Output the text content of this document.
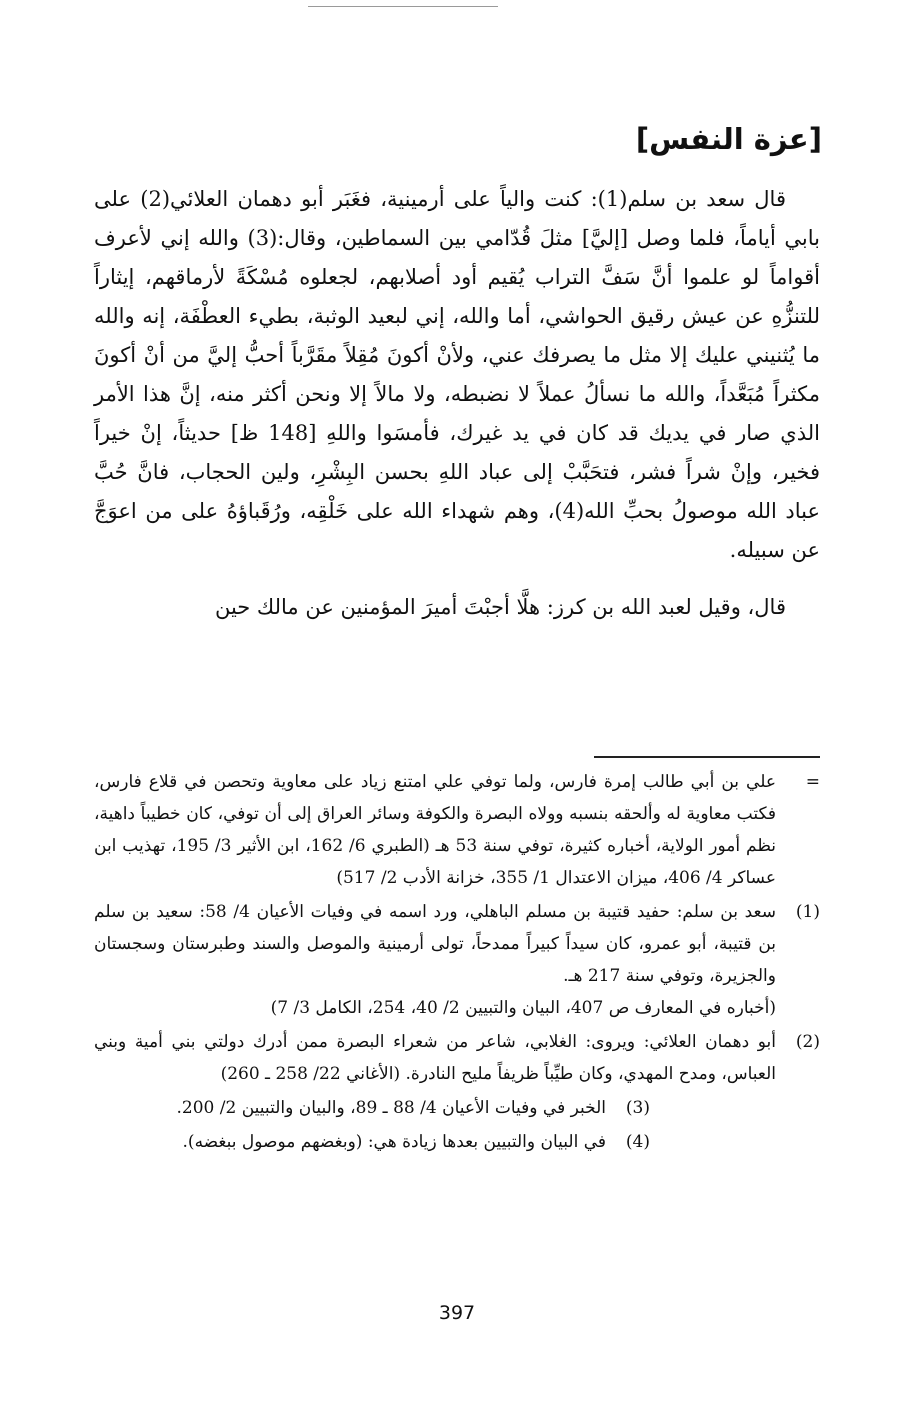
[عزة النفس]

قال سعد بن سلم(1): كنت والياً على أرمينية، فغَبَر أبو دهمان العلائي(2) على بابي أياماً، فلما وصل [إليَّ] مثلَ قُدّامي بين السماطين، وقال:(3) والله إني لأعرف أقواماً لو علموا أنَّ سَفَّ التراب يُقيم أود أصلابهم، لجعلوه مُسْكَةً لأرماقهم، إيثاراً للتنزُّهِ عن عيش رقيق الحواشي، أما والله، إني لبعيد الوثبة، بطيء العطْفَة، إنه والله ما يُثنيني عليك إلا مثل ما يصرفك عني، ولأنْ أكونَ مُقِلاً مقَرَّباً أحبُّ إليَّ من أنْ أكونَ مكثراً مُبَعَّداً، والله ما نسألُ عملاً لا نضبطه، ولا مالاً إلا ونحن أكثر منه، إنَّ هذا الأمر الذي صار في يديك قد كان في يد غيرك، فأمسَوا واللهِ [148 ظ] حديثاً، إنْ خيراً فخير، وإنْ شراً فشر، فتحَبَّبْ إلى عباد اللهِ بحسن البِشْرِ، ولين الحجاب، فانَّ حُبَّ عباد الله موصولُ بحبِّ الله(4)، وهم شهداء الله على خَلْقِه، ورُقَباؤهُ على من اعوَجَّ عن سبيله.

قال، وقيل لعبد الله بن كرز: هلَّا أجبْتَ أميرَ المؤمنين عن مالك حين

=
علي بن أبي طالب إمرة فارس، ولما توفي علي امتنع زياد على معاوية وتحصن في قلاع فارس، فكتب معاوية له وألحقه بنسبه وولاه البصرة والكوفة وسائر العراق إلى أن توفي، كان خطيباً داهية، نظم أمور الولاية، أخباره كثيرة، توفي سنة 53 هـ (الطبري 6/ 162، ابن الأثير 3/ 195، تهذيب ابن عساكر 4/ 406، ميزان الاعتدال 1/ 355، خزانة الأدب 2/ 517)
(1)
سعد بن سلم: حفيد قتيبة بن مسلم الباهلي، ورد اسمه في وفيات الأعيان 4/ 58: سعيد بن سلم بن قتيبة، أبو عمرو، كان سيداً كبيراً ممدحاً، تولى أرمينية والموصل والسند وطبرستان وسجستان والجزيرة، وتوفي سنة 217 هـ.
(أخباره في المعارف ص 407، البيان والتبيين 2/ 40، 254، الكامل 3/ 7)
(2)
أبو دهمان العلائي: ويروى: الغلابي، شاعر من شعراء البصرة ممن أدرك دولتي بني أمية وبني العباس، ومدح المهدي، وكان طيِّباً ظريفاً مليح النادرة. (الأغاني 22/ 258 ـ 260)
(3)
الخبر في وفيات الأعيان 4/ 88 ـ 89، والبيان والتبيين 2/ 200.
(4)
في البيان والتبيين بعدها زيادة هي: (وبغضهم موصول ببغضه).
397
